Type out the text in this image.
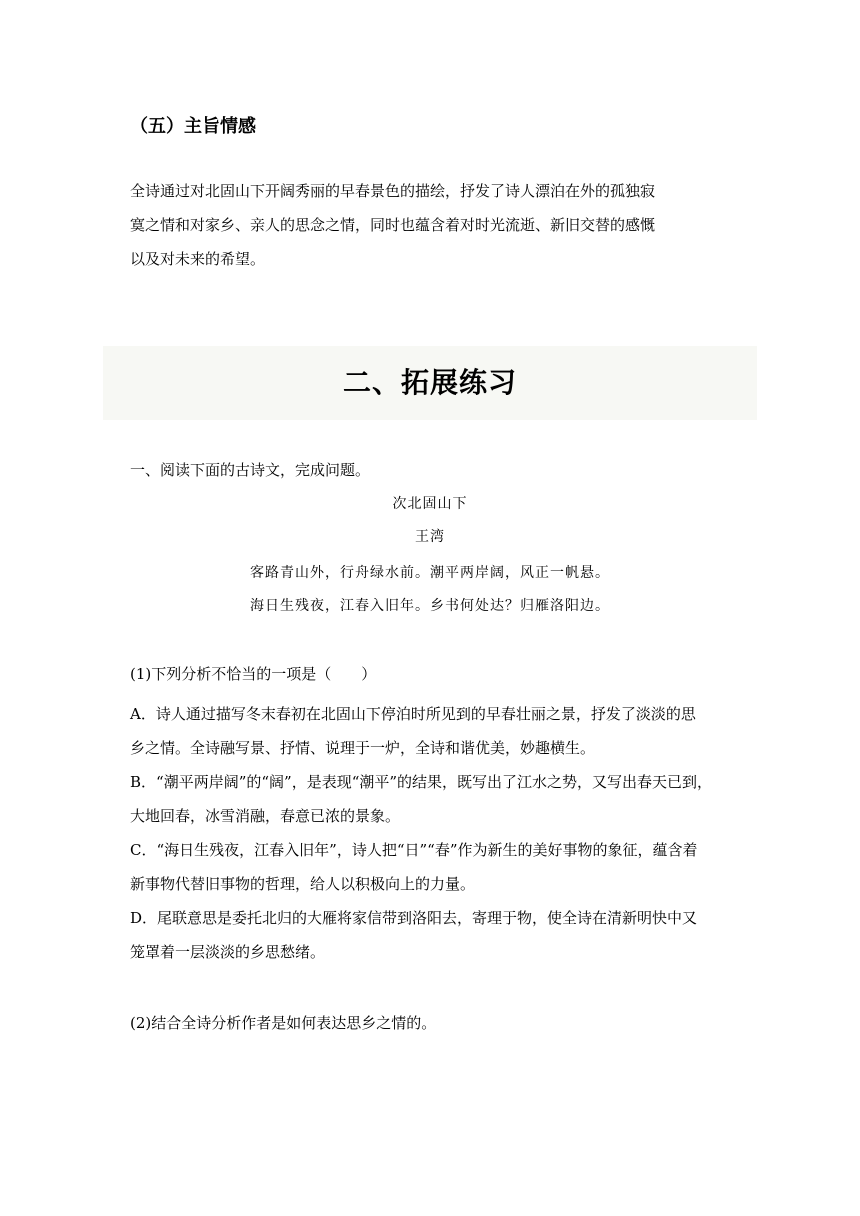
（五）主旨情感
全诗通过对北固山下开阔秀丽的早春景色的描绘，抒发了诗人漂泊在外的孤独寂
寞之情和对家乡、亲人的思念之情，同时也蕴含着对时光流逝、新旧交替的感慨
以及对未来的希望。
二、拓展练习
一、阅读下面的古诗文，完成问题。
次北固山下
王湾
客路青山外，行舟绿水前。潮平两岸阔，风正一帆悬。
海日生残夜，江春入旧年。乡书何处达？归雁洛阳边。
(1)下列分析不恰当的一项是（　　）
A．诗人通过描写冬末春初在北固山下停泊时所见到的早春壮丽之景，抒发了淡淡的思
乡之情。全诗融写景、抒情、说理于一炉，全诗和谐优美，妙趣横生。
B．“潮平两岸阔”的“阔”，是表现“潮平”的结果，既写出了江水之势，又写出春天已到，
大地回春，冰雪消融，春意已浓的景象。
C．“海日生残夜，江春入旧年”，诗人把“日”“春”作为新生的美好事物的象征，蕴含着
新事物代替旧事物的哲理，给人以积极向上的力量。
D．尾联意思是委托北归的大雁将家信带到洛阳去，寄理于物，使全诗在清新明快中又
笼罩着一层淡淡的乡思愁绪。
(2)结合全诗分析作者是如何表达思乡之情的。
